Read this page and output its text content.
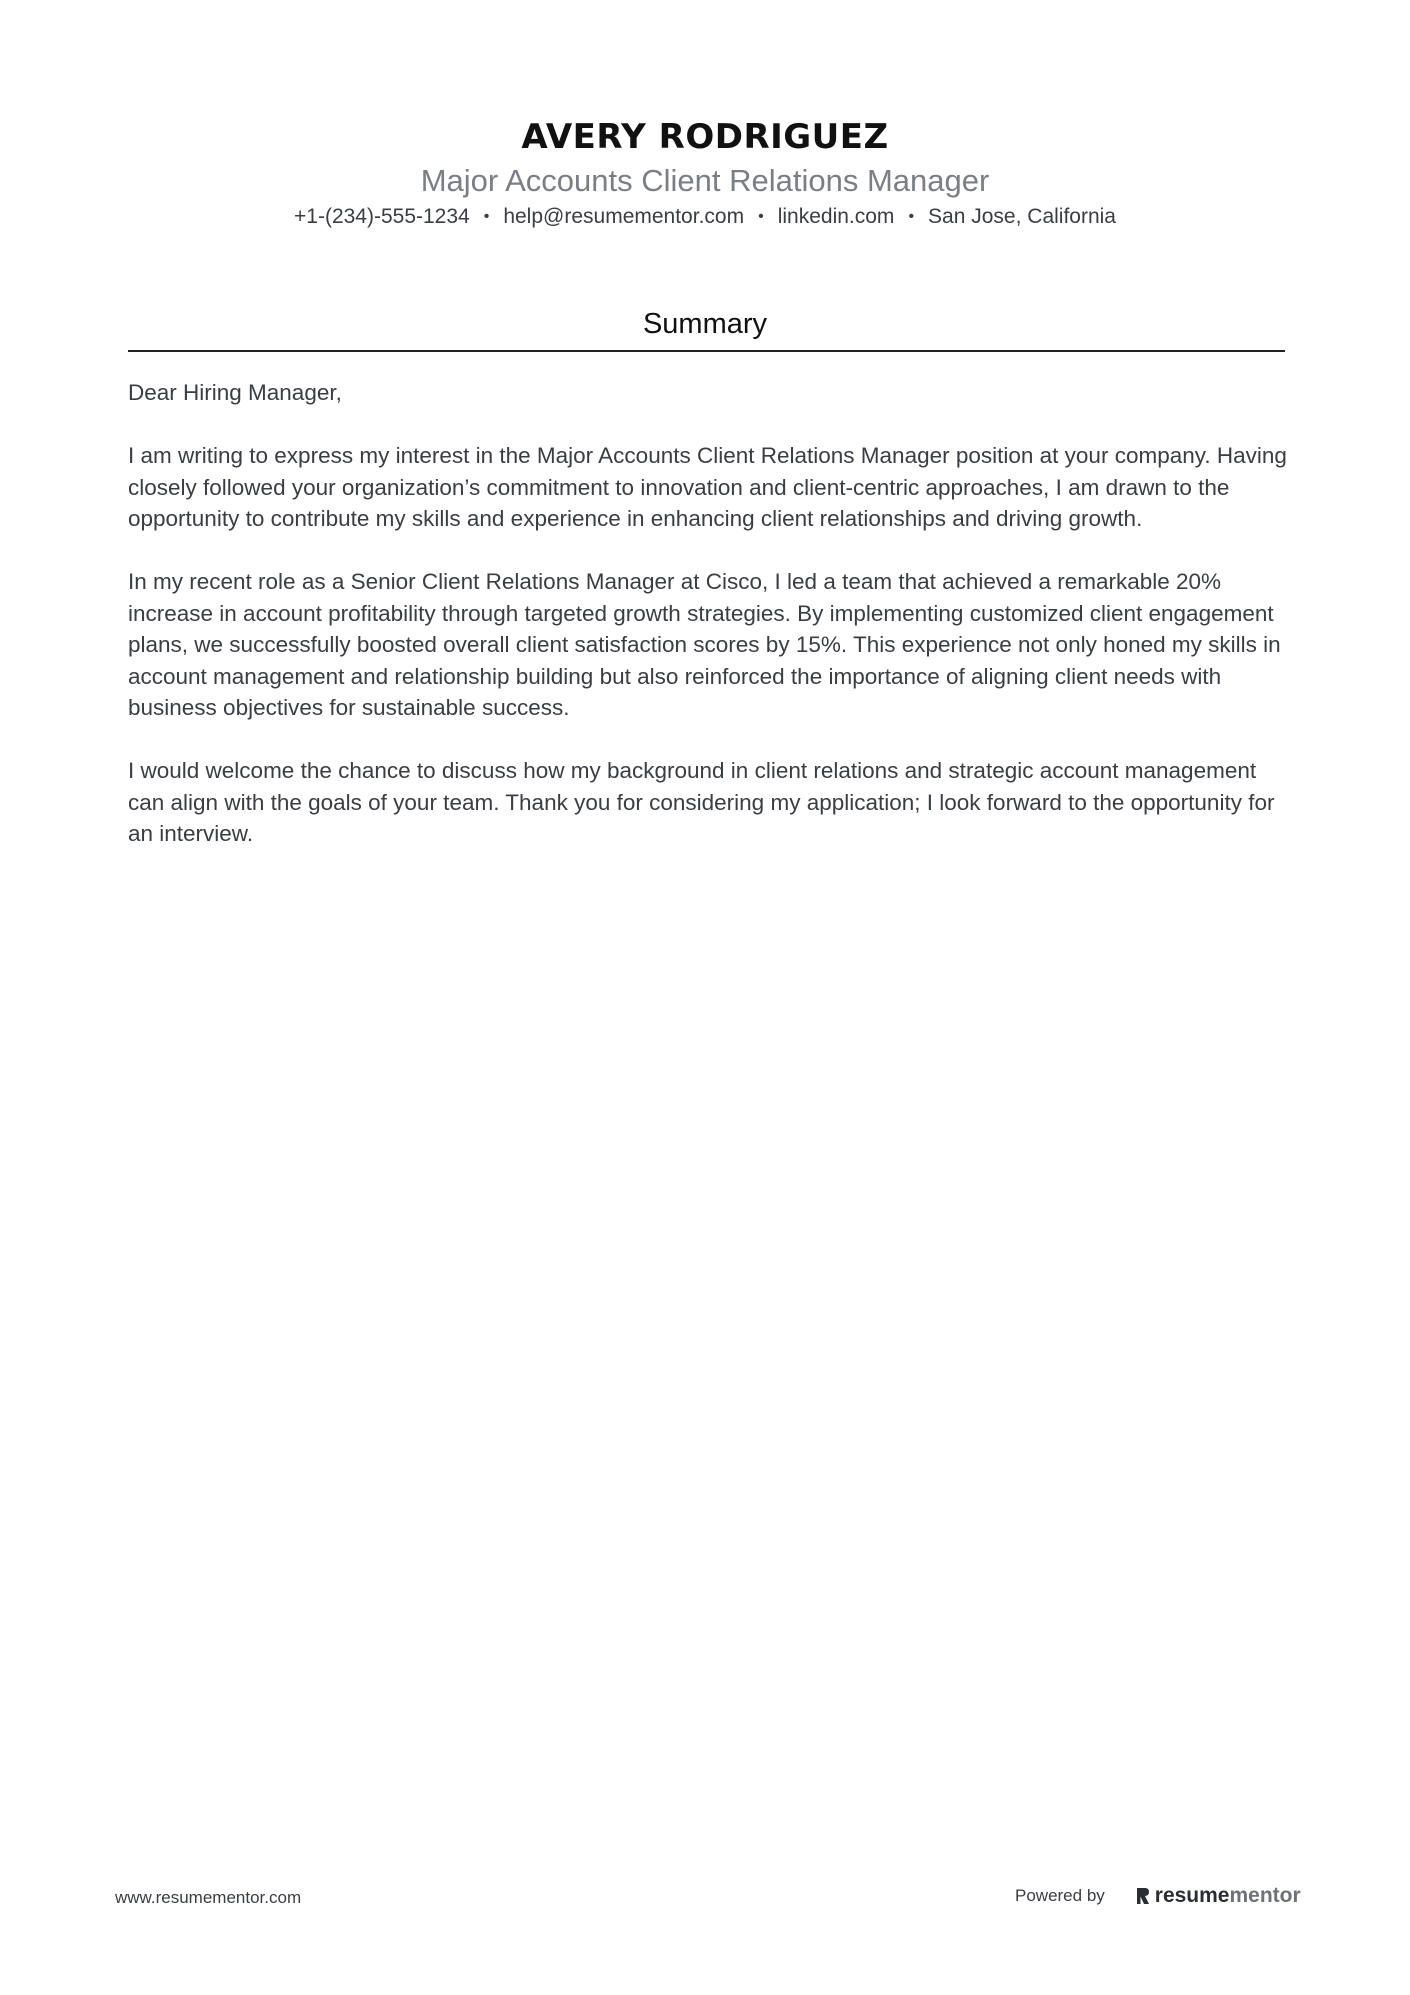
AVERY RODRIGUEZ
Major Accounts Client Relations Manager
+1-(234)-555-1234 • help@resumementor.com • linkedin.com • San Jose, California
Summary

Dear Hiring Manager,

I am writing to express my interest in the Major Accounts Client Relations Manager position at your company. Having closely followed your organization’s commitment to innovation and client-centric approaches, I am drawn to the opportunity to contribute my skills and experience in enhancing client relationships and driving growth.

In my recent role as a Senior Client Relations Manager at Cisco, I led a team that achieved a remarkable 20% increase in account profitability through targeted growth strategies. By implementing customized client engagement plans, we successfully boosted overall client satisfaction scores by 15%. This experience not only honed my skills in account management and relationship building but also reinforced the importance of aligning client needs with business objectives for sustainable success.

I would welcome the chance to discuss how my background in client relations and strategic account management can align with the goals of your team. Thank you for considering my application; I look forward to the opportunity for an interview.

www.resumementor.com	Powered by resume mentor
